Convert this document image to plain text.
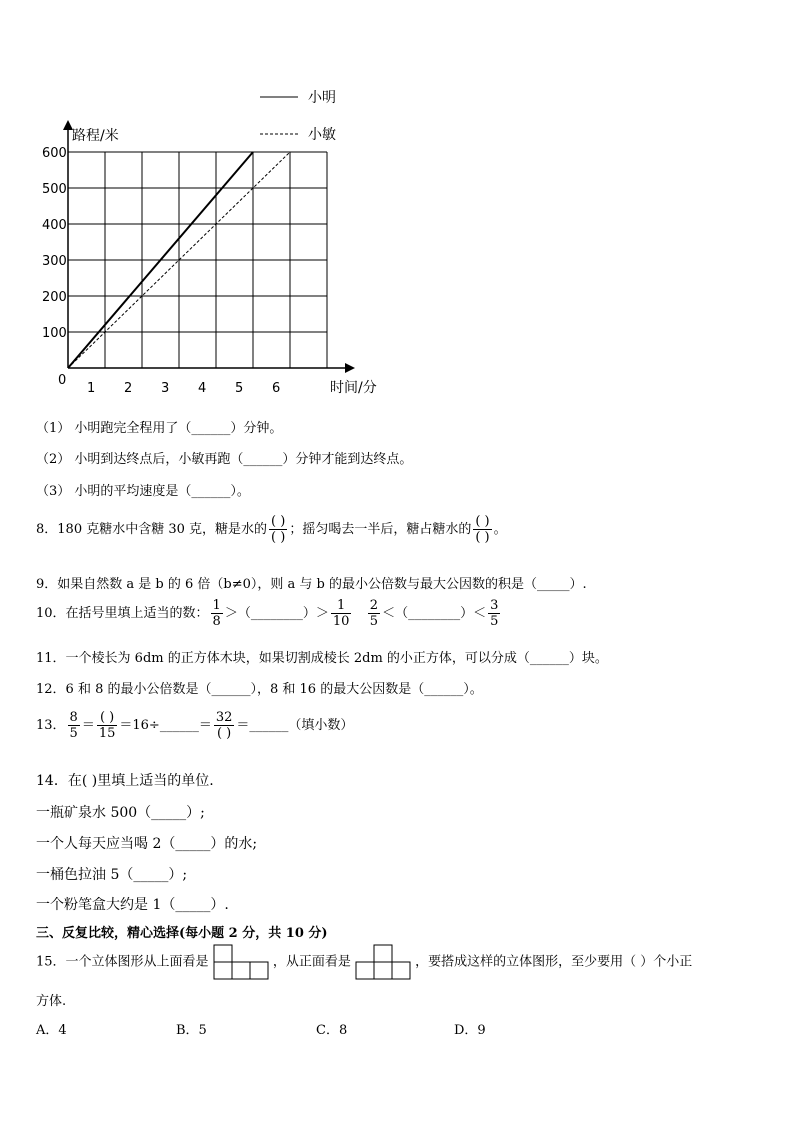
1 2 3 4 5 6
100
200
300
400
500
600
小明
小敏
路程/米
时间/分
0
（1） 小明跑完全程用了（______）分钟。
（2） 小明到达终点后，小敏再跑（______）分钟才能到达终点。
（3） 小明的平均速度是（______）。
8．180 克糖水中含糖 30 克，糖是水的 $\frac{( )}{( )}$ ；摇匀喝去一半后，糖占糖水的 $\frac{( )}{( )}$ 。
9．如果自然数 a 是 b 的 6 倍（b≠0），则 a 与 b 的最小公倍数与最大公因数的积是（_____）.
10．在括号里填上适当的数： $\frac{1}{8}$ ＞（________）＞ $\frac{1}{10}$
$\frac{2}{5}$ ＜（________）＜ $\frac{3}{5}$
11．一个棱长为 6dm 的正方体木块，如果切割成棱长 2dm 的小正方体，可以分成（______）块。
12．6 和 8 的最小公倍数是（______），8 和 16 的最大公因数是（______）。
13． $\frac{8}{5} = \frac{( )}{15}$ ＝16÷______＝ $\frac{32}{( )}$ ＝______（填小数）
14．在( )里填上适当的单位.
一瓶矿泉水 500（_____）;
一个人每天应当喝 2（_____）的水;
一桶色拉油 5（_____）;
一个粉笔盒大约是 1（_____）.
三、反复比较，精心选择(每小题 2 分，共 10 分)
15．一个立体图形从上面看是	，从正面看是	，要搭成这样的立体图形，至少要用（ ）个小正
方体.
A．4	B．5	C．8	D．9
